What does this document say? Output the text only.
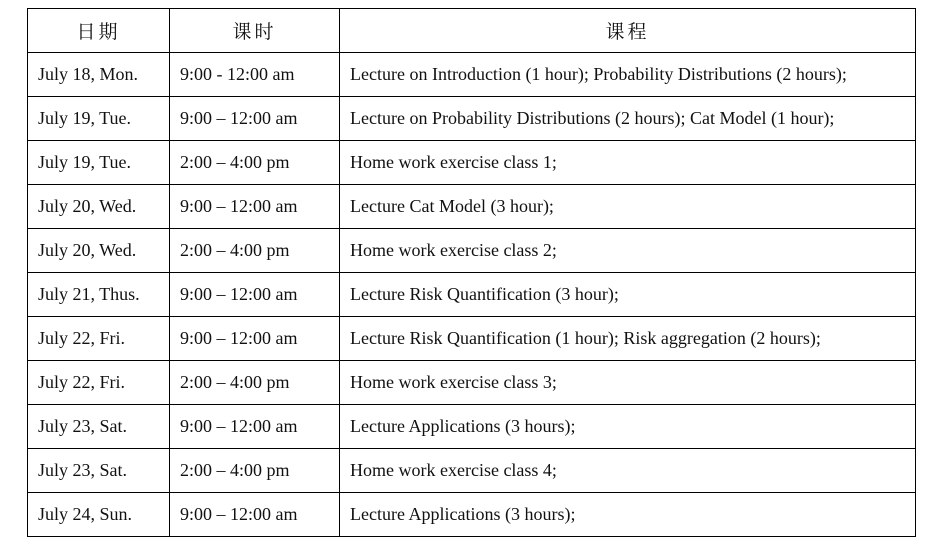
日期	课时	课程
July 18, Mon.	9:00 - 12:00 am	Lecture on Introduction (1 hour); Probability Distributions (2 hours);
July 19, Tue.	9:00 – 12:00 am	Lecture on Probability Distributions (2 hours); Cat Model (1 hour);
July 19, Tue.	2:00 – 4:00 pm	Home work exercise class 1;
July 20, Wed.	9:00 – 12:00 am	Lecture Cat Model (3 hour);
July 20, Wed.	2:00 – 4:00 pm	Home work exercise class 2;
July 21, Thus.	9:00 – 12:00 am	Lecture Risk Quantification (3 hour);
July 22, Fri.	9:00 – 12:00 am	Lecture Risk Quantification (1 hour); Risk aggregation (2 hours);
July 22, Fri.	2:00 – 4:00 pm	Home work exercise class 3;
July 23, Sat.	9:00 – 12:00 am	Lecture Applications (3 hours);
July 23, Sat.	2:00 – 4:00 pm	Home work exercise class 4;
July 24, Sun.	9:00 – 12:00 am	Lecture Applications (3 hours);
